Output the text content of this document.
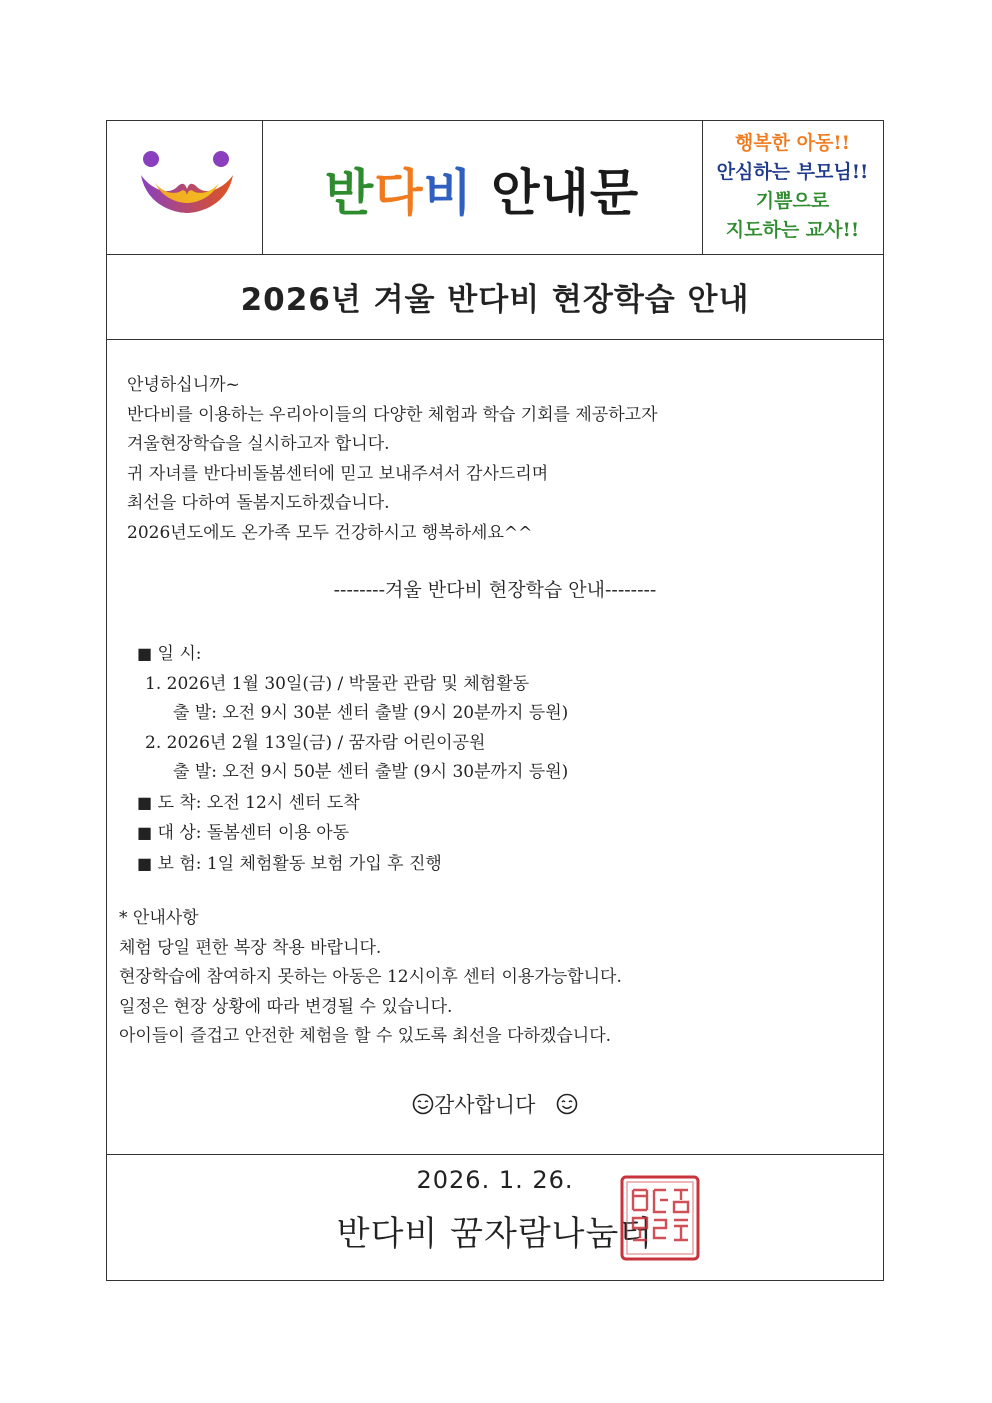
반다비 안내문
행복한 아동!!
안심하는 부모님!!
기쁨으로
지도하는 교사!!
2026년 겨울 반다비 현장학습 안내
안녕하십니까~
반다비를 이용하는 우리아이들의 다양한 체험과 학습 기회를 제공하고자
겨울현장학습을 실시하고자 합니다.
귀 자녀를 반다비돌봄센터에 믿고 보내주셔서 감사드리며
최선을 다하여 돌봄지도하겠습니다.
2026년도에도 온가족 모두 건강하시고 행복하세요^^
--------겨울 반다비 현장학습 안내--------
■ 일 시:
1. 2026년 1월 30일(금) / 박물관 관람 및 체험활동
출 발: 오전 9시 30분 센터 출발 (9시 20분까지 등원)
2. 2026년 2월 13일(금) / 꿈자람 어린이공원
출 발: 오전 9시 50분 센터 출발 (9시 30분까지 등원)
■ 도 착: 오전 12시 센터 도착
■ 대 상: 돌봄센터 이용 아동
■ 보 험: 1일 체험활동 보험 가입 후 진행
* 안내사항
체험 당일 편한 복장 착용 바랍니다.
현장학습에 참여하지 못하는 아동은 12시이후 센터 이용가능합니다.
일정은 현장 상황에 따라 변경될 수 있습니다.
아이들이 즐겁고 안전한 체험을 할 수 있도록 최선을 다하겠습니다.
감사합니다
2026. 1. 26.
반다비 꿈자람나눔터
